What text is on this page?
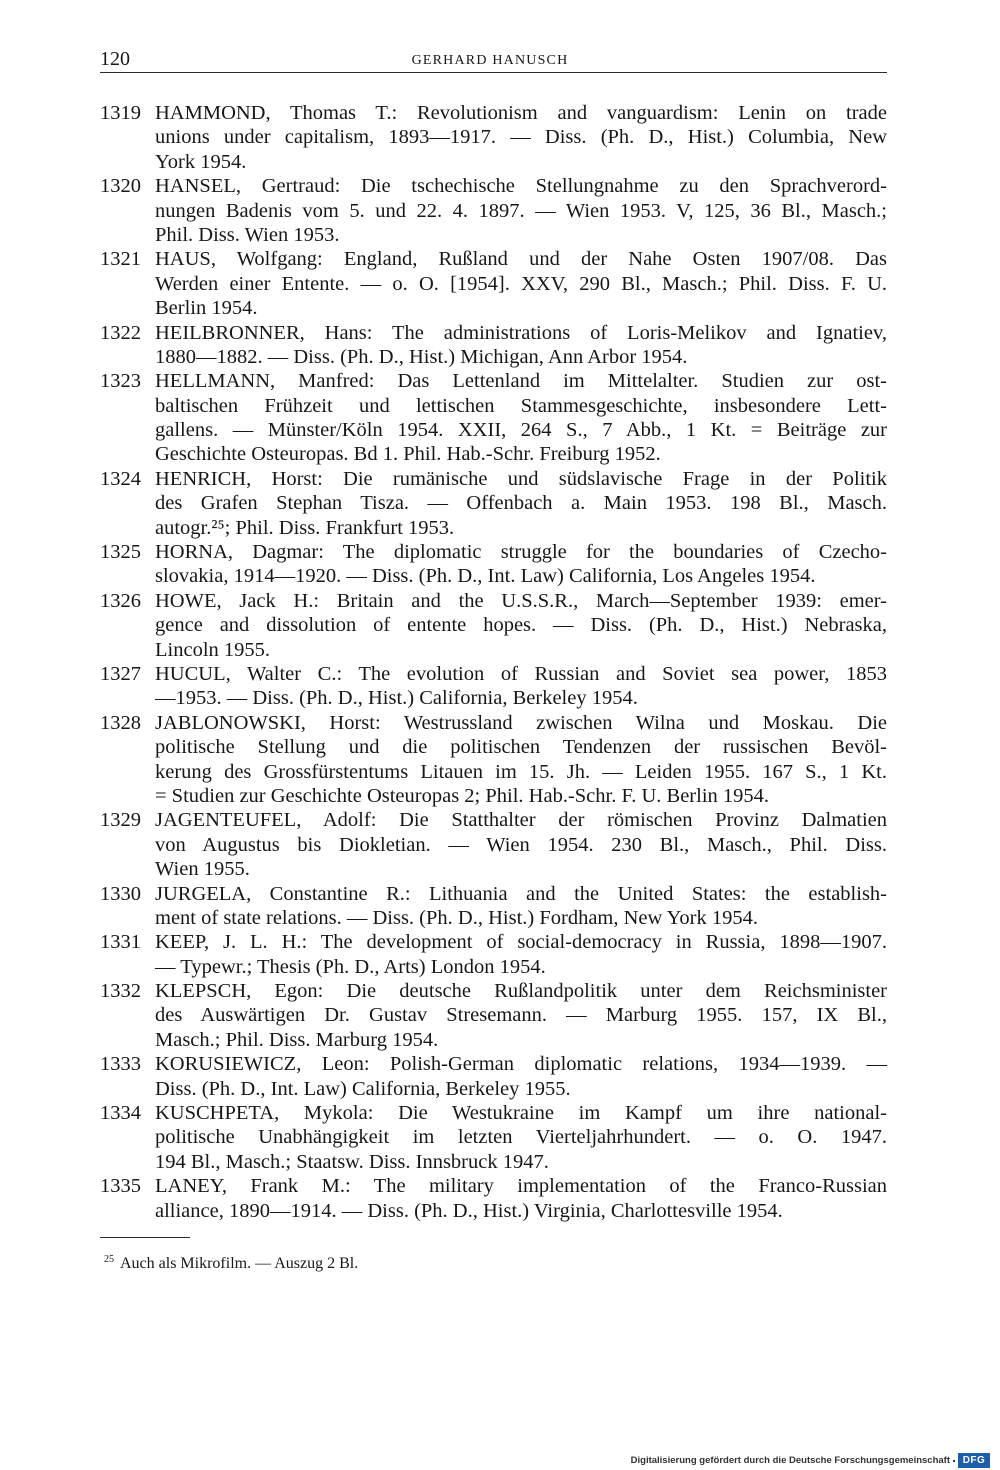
120	GERHARD HANUSCH
1319 HAMMOND, Thomas T.: Revolutionism and vanguardism: Lenin on trade
unions under capitalism, 1893—1917. — Diss. (Ph. D., Hist.) Columbia, New
York 1954.
1320 HANSEL, Gertraud: Die tschechische Stellungnahme zu den Sprachverord-
nungen Badenis vom 5. und 22. 4. 1897. — Wien 1953. V, 125, 36 Bl., Masch.;
Phil. Diss. Wien 1953.
1321 HAUS, Wolfgang: England, Rußland und der Nahe Osten 1907/08. Das
Werden einer Entente. — o. O. [1954]. XXV, 290 Bl., Masch.; Phil. Diss. F. U.
Berlin 1954.
1322 HEILBRONNER, Hans: The administrations of Loris-Melikov and Ignatiev,
1880—1882. — Diss. (Ph. D., Hist.) Michigan, Ann Arbor 1954.
1323 HELLMANN, Manfred: Das Lettenland im Mittelalter. Studien zur ost-
baltischen Frühzeit und lettischen Stammesgeschichte, insbesondere Lett-
gallens. — Münster/Köln 1954. XXII, 264 S., 7 Abb., 1 Kt. = Beiträge zur
Geschichte Osteuropas. Bd 1. Phil. Hab.-Schr. Freiburg 1952.
1324 HENRICH, Horst: Die rumänische und südslavische Frage in der Politik
des Grafen Stephan Tisza. — Offenbach a. Main 1953. 198 Bl., Masch.
autogr.²⁵; Phil. Diss. Frankfurt 1953.
1325 HORNA, Dagmar: The diplomatic struggle for the boundaries of Czecho-
slovakia, 1914—1920. — Diss. (Ph. D., Int. Law) California, Los Angeles 1954.
1326 HOWE, Jack H.: Britain and the U.S.S.R., March—September 1939: emer-
gence and dissolution of entente hopes. — Diss. (Ph. D., Hist.) Nebraska,
Lincoln 1955.
1327 HUCUL, Walter C.: The evolution of Russian and Soviet sea power, 1853
—1953. — Diss. (Ph. D., Hist.) California, Berkeley 1954.
1328 JABLONOWSKI, Horst: Westrussland zwischen Wilna und Moskau. Die
politische Stellung und die politischen Tendenzen der russischen Bevöl-
kerung des Grossfürstentums Litauen im 15. Jh. — Leiden 1955. 167 S., 1 Kt.
= Studien zur Geschichte Osteuropas 2; Phil. Hab.-Schr. F. U. Berlin 1954.
1329 JAGENTEUFEL, Adolf: Die Statthalter der römischen Provinz Dalmatien
von Augustus bis Diokletian. — Wien 1954. 230 Bl., Masch., Phil. Diss.
Wien 1955.
1330 JURGELA, Constantine R.: Lithuania and the United States: the establish-
ment of state relations. — Diss. (Ph. D., Hist.) Fordham, New York 1954.
1331 KEEP, J. L. H.: The development of social-democracy in Russia, 1898—1907.
— Typewr.; Thesis (Ph. D., Arts) London 1954.
1332 KLEPSCH, Egon: Die deutsche Rußlandpolitik unter dem Reichsminister
des Auswärtigen Dr. Gustav Stresemann. — Marburg 1955. 157, IX Bl.,
Masch.; Phil. Diss. Marburg 1954.
1333 KORUSIEWICZ, Leon: Polish-German diplomatic relations, 1934—1939. —
Diss. (Ph. D., Int. Law) California, Berkeley 1955.
1334 KUSCHPETA, Mykola: Die Westukraine im Kampf um ihre national-
politische Unabhängigkeit im letzten Vierteljahrhundert. — o. O. 1947.
194 Bl., Masch.; Staatsw. Diss. Innsbruck 1947.
1335 LANEY, Frank M.: The military implementation of the Franco-Russian
alliance, 1890—1914. — Diss. (Ph. D., Hist.) Virginia, Charlottesville 1954.
$^{25}$ Auch als Mikrofilm. — Auszug 2 Bl.
Digitalisierung gefördert durch die Deutsche Forschungsgemeinschaft	DFG
